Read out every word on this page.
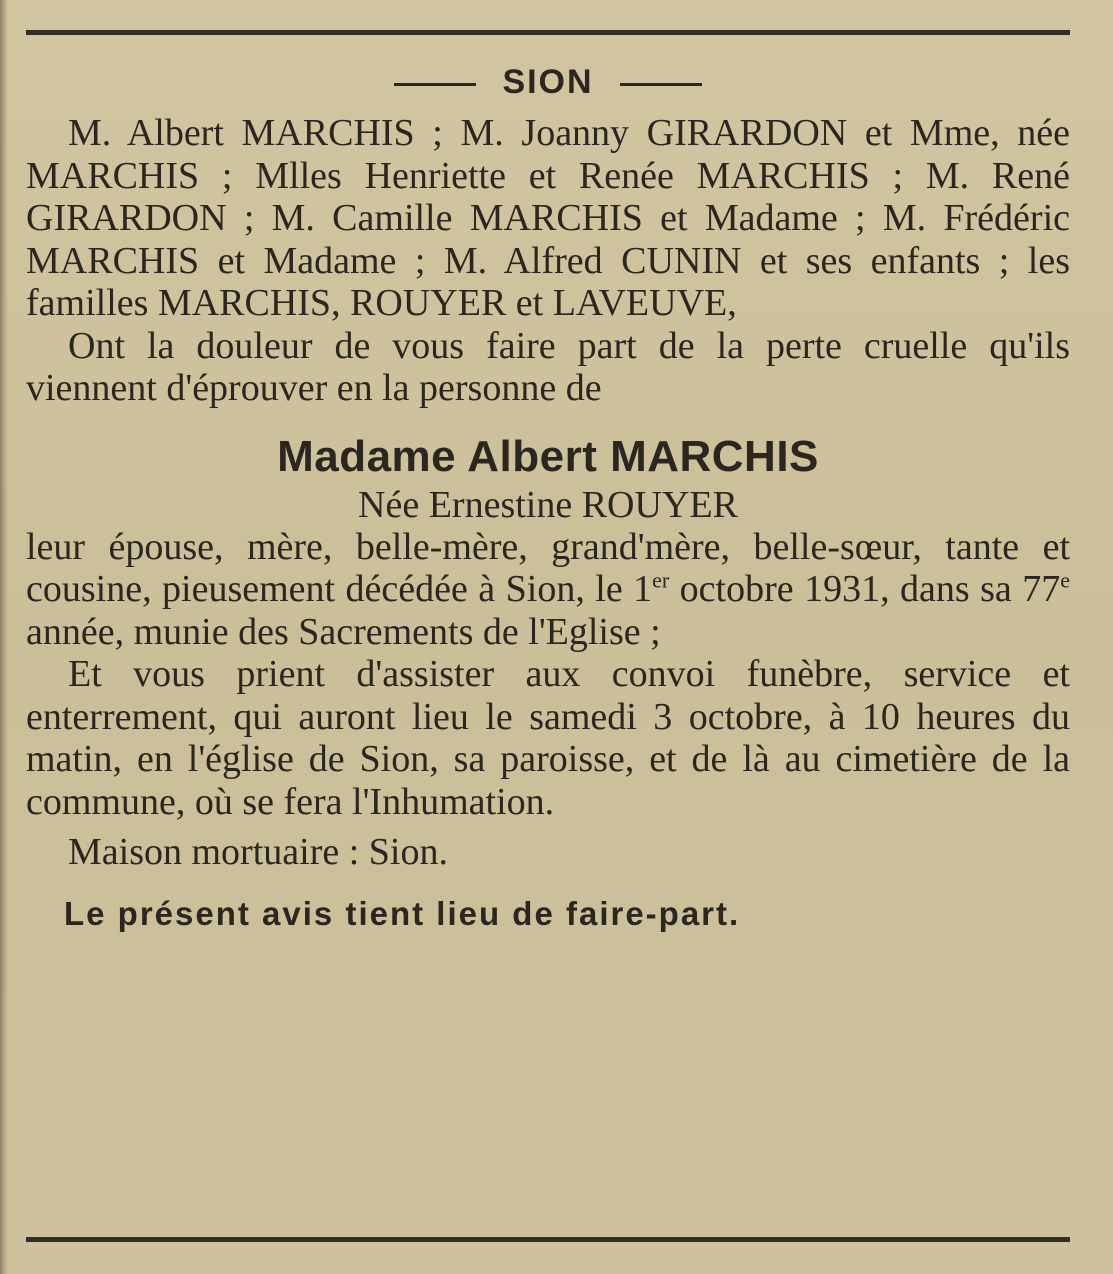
SION

M. Albert MARCHIS ; M. Joanny GIRARDON et Mme, née MARCHIS ; Mlles Henriette et Renée MARCHIS ; M. René GIRARDON ; M. Camille MARCHIS et Madame ; M. Frédéric MARCHIS et Madame ; M. Alfred CUNIN et ses enfants ; les familles MARCHIS, ROUYER et LAVEUVE,

Ont la douleur de vous faire part de la perte cruelle qu'ils viennent d'éprouver en la personne de

Madame Albert MARCHIS
Née Ernestine ROUYER

leur épouse, mère, belle-mère, grand'mère, belle-sœur, tante et cousine, pieusement décédée à Sion, le 1er octobre 1931, dans sa 77e année, munie des Sacrements de l'Eglise ;

Et vous prient d'assister aux convoi funèbre, service et enterrement, qui auront lieu le samedi 3 octobre, à 10 heures du matin, en l'église de Sion, sa paroisse, et de là au cimetière de la commune, où se fera l'Inhumation.

Maison mortuaire : Sion.
Le présent avis tient lieu de faire-part.
